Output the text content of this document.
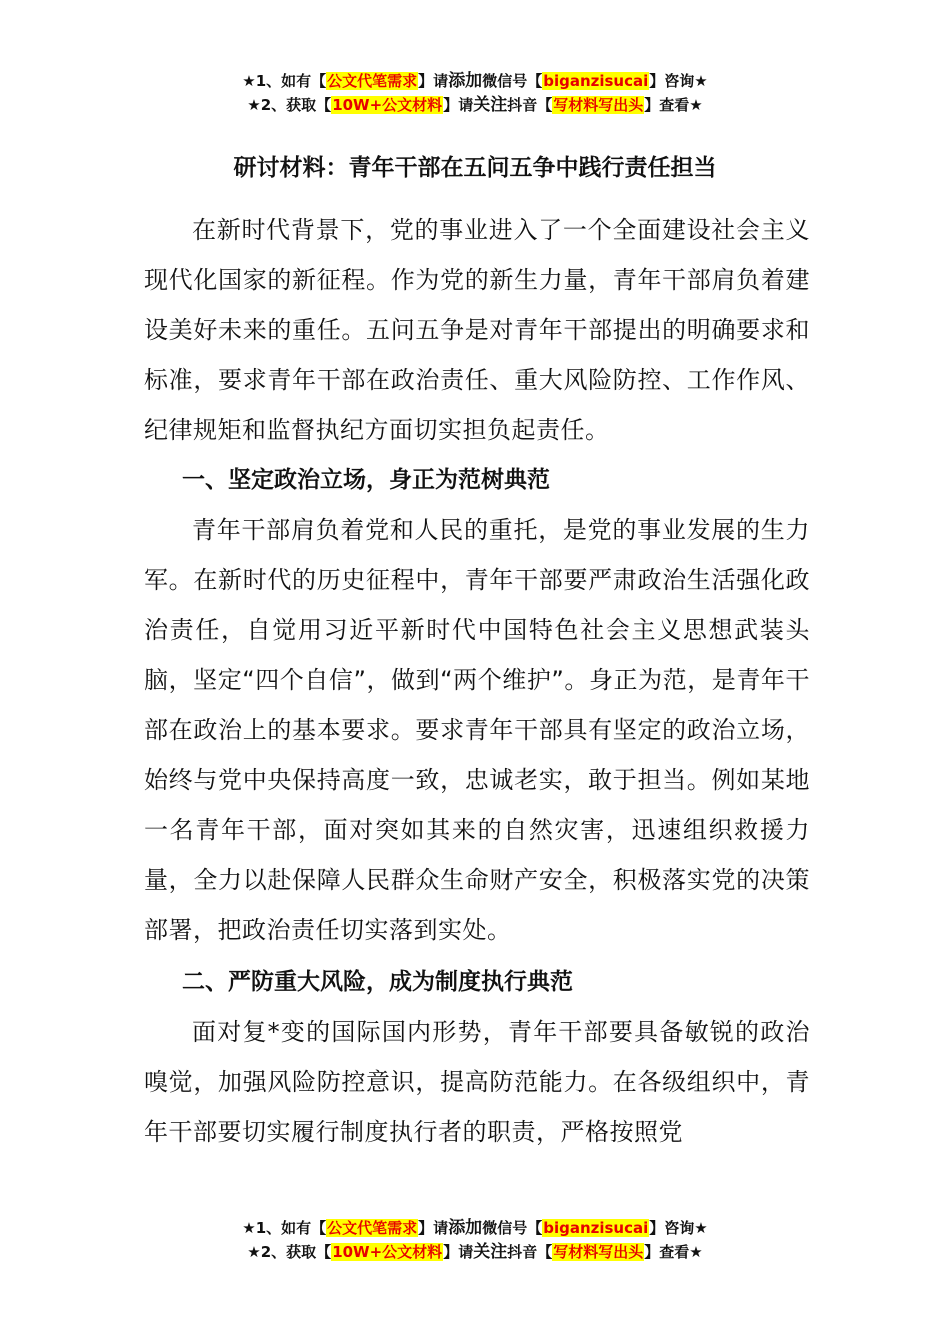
★1、如有【公文代笔需求】请添加微信号【biganzisucai】咨询★
★2、获取【10W+公文材料】请关注抖音【写材料写出头】查看★
研讨材料：青年干部在五问五争中践行责任担当

在新时代背景下，党的事业进入了一个全面建设社会主义现代化国家的新征程。作为党的新生力量，青年干部肩负着建设美好未来的重任。五问五争是对青年干部提出的明确要求和标准，要求青年干部在政治责任、重大风险防控、工作作风、纪律规矩和监督执纪方面切实担负起责任。

一、坚定政治立场，身正为范树典范

青年干部肩负着党和人民的重托，是党的事业发展的生力军。在新时代的历史征程中，青年干部要严肃政治生活强化政治责任，自觉用习近平新时代中国特色社会主义思想武装头脑，坚定“四个自信”，做到“两个维护”。身正为范，是青年干部在政治上的基本要求。要求青年干部具有坚定的政治立场，始终与党中央保持高度一致，忠诚老实，敢于担当。例如某地一名青年干部，面对突如其来的自然灾害，迅速组织救援力量，全力以赴保障人民群众生命财产安全，积极落实党的决策部署，把政治责任切实落到实处。

二、严防重大风险，成为制度执行典范

面对复*变的国际国内形势，青年干部要具备敏锐的政治嗅觉，加强风险防控意识，提高防范能力。在各级组织中，青年干部要切实履行制度执行者的职责，严格按照党

★1、如有【公文代笔需求】请添加微信号【biganzisucai】咨询★
★2、获取【10W+公文材料】请关注抖音【写材料写出头】查看★
